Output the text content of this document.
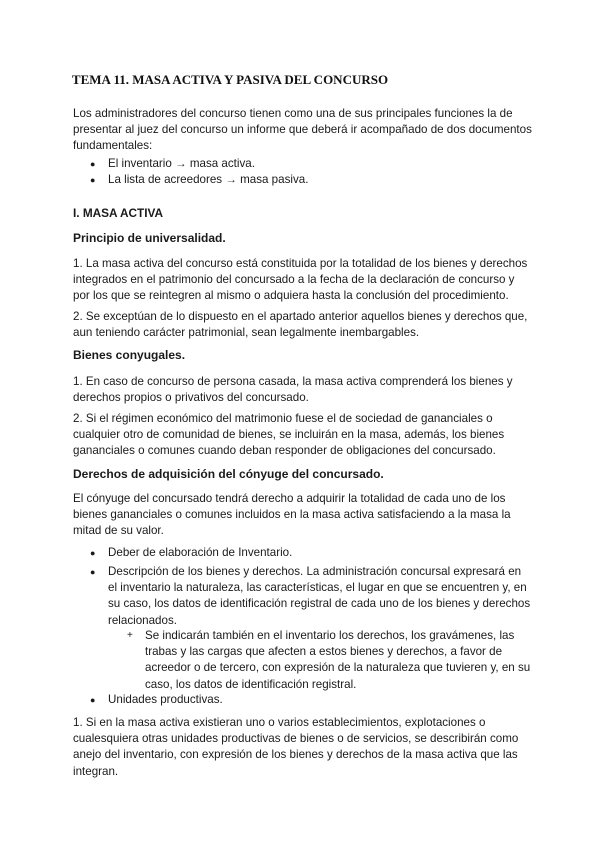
TEMA 11. MASA ACTIVA Y PASIVA DEL CONCURSO

Los administradores del concurso tienen como una de sus principales funciones la de presentar al juez del concurso un informe que deberá ir acompañado de dos documentos fundamentales:

● El inventario → masa activa.
● La lista de acreedores → masa pasiva.

I. MASA ACTIVA

Principio de universalidad.

1. La masa activa del concurso está constituida por la totalidad de los bienes y derechos integrados en el patrimonio del concursado a la fecha de la declaración de concurso y por los que se reintegren al mismo o adquiera hasta la conclusión del procedimiento.

2. Se exceptúan de lo dispuesto en el apartado anterior aquellos bienes y derechos que, aun teniendo carácter patrimonial, sean legalmente inembargables.

Bienes conyugales.

1. En caso de concurso de persona casada, la masa activa comprenderá los bienes y derechos propios o privativos del concursado.

2. Si el régimen económico del matrimonio fuese el de sociedad de gananciales o cualquier otro de comunidad de bienes, se incluirán en la masa, además, los bienes gananciales o comunes cuando deban responder de obligaciones del concursado.

Derechos de adquisición del cónyuge del concursado.

El cónyuge del concursado tendrá derecho a adquirir la totalidad de cada uno de los bienes gananciales o comunes incluidos en la masa activa satisfaciendo a la masa la mitad de su valor.

● Deber de elaboración de Inventario.
● Descripción de los bienes y derechos. La administración concursal expresará en el inventario la naturaleza, las características, el lugar en que se encuentren y, en su caso, los datos de identificación registral de cada uno de los bienes y derechos relacionados.
+ Se indicarán también en el inventario los derechos, los gravámenes, las trabas y las cargas que afecten a estos bienes y derechos, a favor de acreedor o de tercero, con expresión de la naturaleza que tuvieren y, en su caso, los datos de identificación registral.
● Unidades productivas.

1. Si en la masa activa existieran uno o varios establecimientos, explotaciones o cualesquiera otras unidades productivas de bienes o de servicios, se describirán como anejo del inventario, con expresión de los bienes y derechos de la masa activa que las integran.
